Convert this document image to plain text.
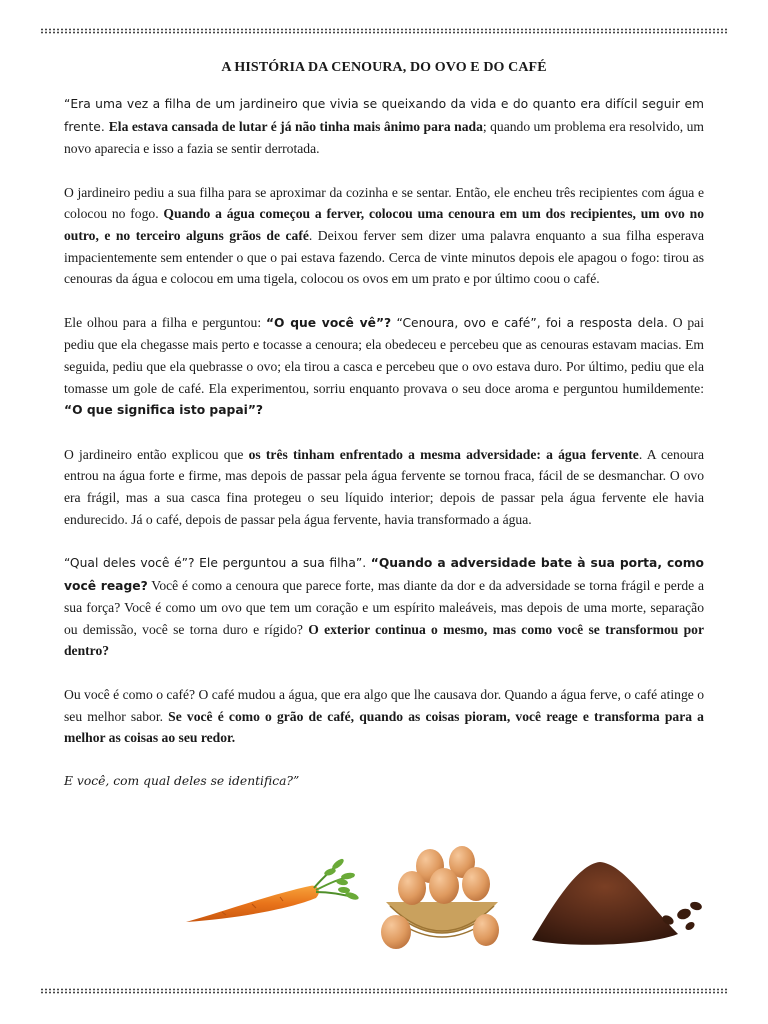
A HISTÓRIA DA CENOURA, DO OVO E DO CAFÉ

“Era uma vez a filha de um jardineiro que vivia se queixando da vida e do quanto era difícil seguir em frente. Ela estava cansada de lutar é já não tinha mais ânimo para nada; quando um problema era resolvido, um novo aparecia e isso a fazia se sentir derrotada.

O jardineiro pediu a sua filha para se aproximar da cozinha e se sentar. Então, ele encheu três recipientes com água e colocou no fogo. Quando a água começou a ferver, colocou uma cenoura em um dos recipientes, um ovo no outro, e no terceiro alguns grãos de café. Deixou ferver sem dizer uma palavra enquanto a sua filha esperava impacientemente sem entender o que o pai estava fazendo. Cerca de vinte minutos depois ele apagou o fogo: tirou as cenouras da água e colocou em uma tigela, colocou os ovos em um prato e por último coou o café.

Ele olhou para a filha e perguntou: “O que você vê”? “Cenoura, ovo e café”, foi a resposta dela. O pai pediu que ela chegasse mais perto e tocasse a cenoura; ela obedeceu e percebeu que as cenouras estavam macias. Em seguida, pediu que ela quebrasse o ovo; ela tirou a casca e percebeu que o ovo estava duro. Por último, pediu que ela tomasse um gole de café. Ela experimentou, sorriu enquanto provava o seu doce aroma e perguntou humildemente: “O que significa isto papai”?

O jardineiro então explicou que os três tinham enfrentado a mesma adversidade: a água fervente. A cenoura entrou na água forte e firme, mas depois de passar pela água fervente se tornou fraca, fácil de se desmanchar. O ovo era frágil, mas a sua casca fina protegeu o seu líquido interior; depois de passar pela água fervente ele havia endurecido. Já o café, depois de passar pela água fervente, havia transformado a água.

“Qual deles você é”? Ele perguntou a sua filha”. “Quando a adversidade bate à sua porta, como você reage? Você é como a cenoura que parece forte, mas diante da dor e da adversidade se torna frágil e perde a sua força? Você é como um ovo que tem um coração e um espírito maleáveis, mas depois de uma morte, separação ou demissão, você se torna duro e rígido? O exterior continua o mesmo, mas como você se transformou por dentro?

Ou você é como o café? O café mudou a água, que era algo que lhe causava dor. Quando a água ferve, o café atinge o seu melhor sabor. Se você é como o grão de café, quando as coisas pioram, você reage e transforma para a melhor as coisas ao seu redor.

E você, com qual deles se identifica?”
